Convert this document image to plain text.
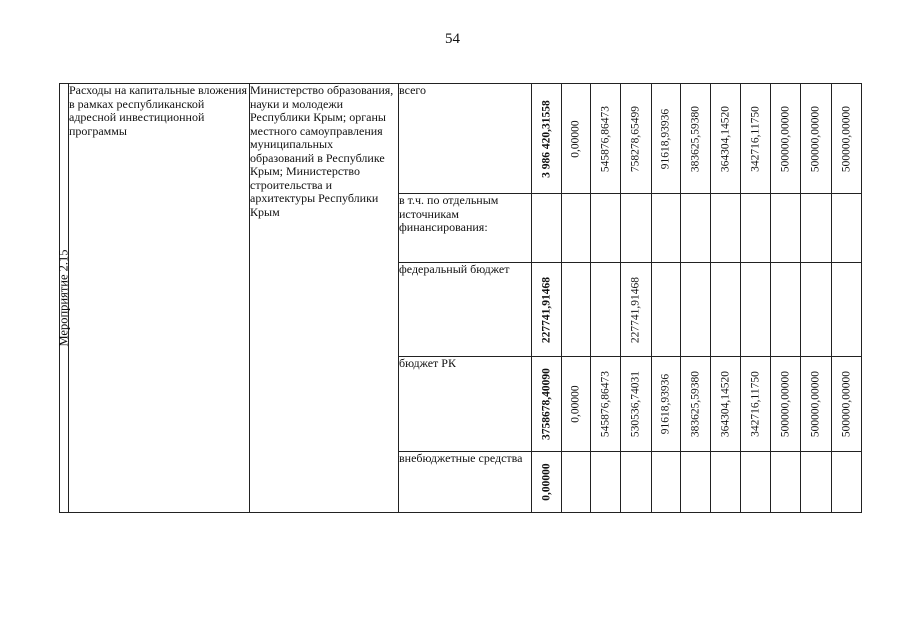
54
Мероприятие 2.15	Расходы на капитальные вложения в рамках республиканской адресной инвестиционной программы	Министерство образования, науки и молодежи Республики Крым; органы местного самоуправления муниципальных образований в Республике Крым; Министерство строительства и архитектуры Республики Крым	всего	3 986 420,31558	0,00000	545876,86473	758278,65499	91618,93936	383625,59380	364304,14520	342716,11750	500000,00000	500000,00000	500000,00000

			в т.ч. по отдельным источникам финансирования:	

			федеральный бюджет	227741,91468			227741,91468							

			бюджет РК	3758678,40090	0,00000	545876,86473	530536,74031	91618,93936	383625,59380	364304,14520	342716,11750	500000,00000	500000,00000	500000,00000

			внебюджетные средства	0,00000										
